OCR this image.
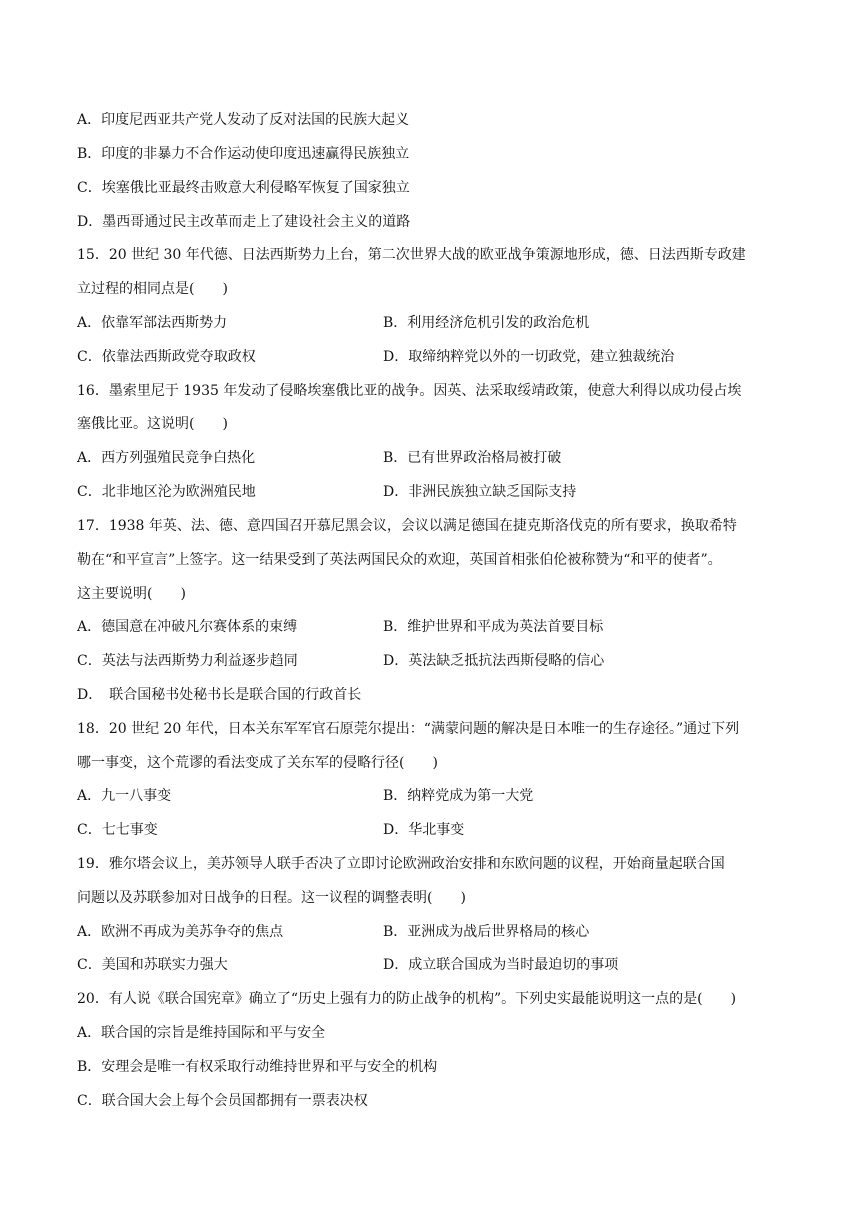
A．印度尼西亚共产党人发动了反对法国的民族大起义
B．印度的非暴力不合作运动使印度迅速赢得民族独立
C．埃塞俄比亚最终击败意大利侵略军恢复了国家独立
D．墨西哥通过民主改革而走上了建设社会主义的道路
15．20 世纪 30 年代德、日法西斯势力上台，第二次世界大战的欧亚战争策源地形成，德、日法西斯专政建
立过程的相同点是(　　)
A．依靠军部法西斯势力	B．利用经济危机引发的政治危机
C．依靠法西斯政党夺取政权	D．取缔纳粹党以外的一切政党，建立独裁统治
16．墨索里尼于 1935 年发动了侵略埃塞俄比亚的战争。因英、法采取绥靖政策，使意大利得以成功侵占埃
塞俄比亚。这说明(　　)
A．西方列强殖民竞争白热化	B．已有世界政治格局被打破
C．北非地区沦为欧洲殖民地	D．非洲民族独立缺乏国际支持
17．1938 年英、法、德、意四国召开慕尼黑会议，会议以满足德国在捷克斯洛伐克的所有要求，换取希特
勒在“和平宣言”上签字。这一结果受到了英法两国民众的欢迎，英国首相张伯伦被称赞为“和平的使者”。
这主要说明(　　)
A．德国意在冲破凡尔赛体系的束缚	B．维护世界和平成为英法首要目标
C．英法与法西斯势力利益逐步趋同	D．英法缺乏抵抗法西斯侵略的信心
D．　联合国秘书处秘书长是联合国的行政首长
18．20 世纪 20 年代，日本关东军军官石原莞尔提出：“满蒙问题的解决是日本唯一的生存途径。”通过下列
哪一事变，这个荒谬的看法变成了关东军的侵略行径(　　)
A．九一八事变	B．纳粹党成为第一大党
C．七七事变	D．华北事变
19．雅尔塔会议上，美苏领导人联手否决了立即讨论欧洲政治安排和东欧问题的议程，开始商量起联合国
问题以及苏联参加对日战争的日程。这一议程的调整表明(　　)
A．欧洲不再成为美苏争夺的焦点	B．亚洲成为战后世界格局的核心
C．美国和苏联实力强大	D．成立联合国成为当时最迫切的事项
20．有人说《联合国宪章》确立了“历史上强有力的防止战争的机构”。下列史实最能说明这一点的是(　　)
A．联合国的宗旨是维持国际和平与安全
B．安理会是唯一有权采取行动维持世界和平与安全的机构
C．联合国大会上每个会员国都拥有一票表决权
